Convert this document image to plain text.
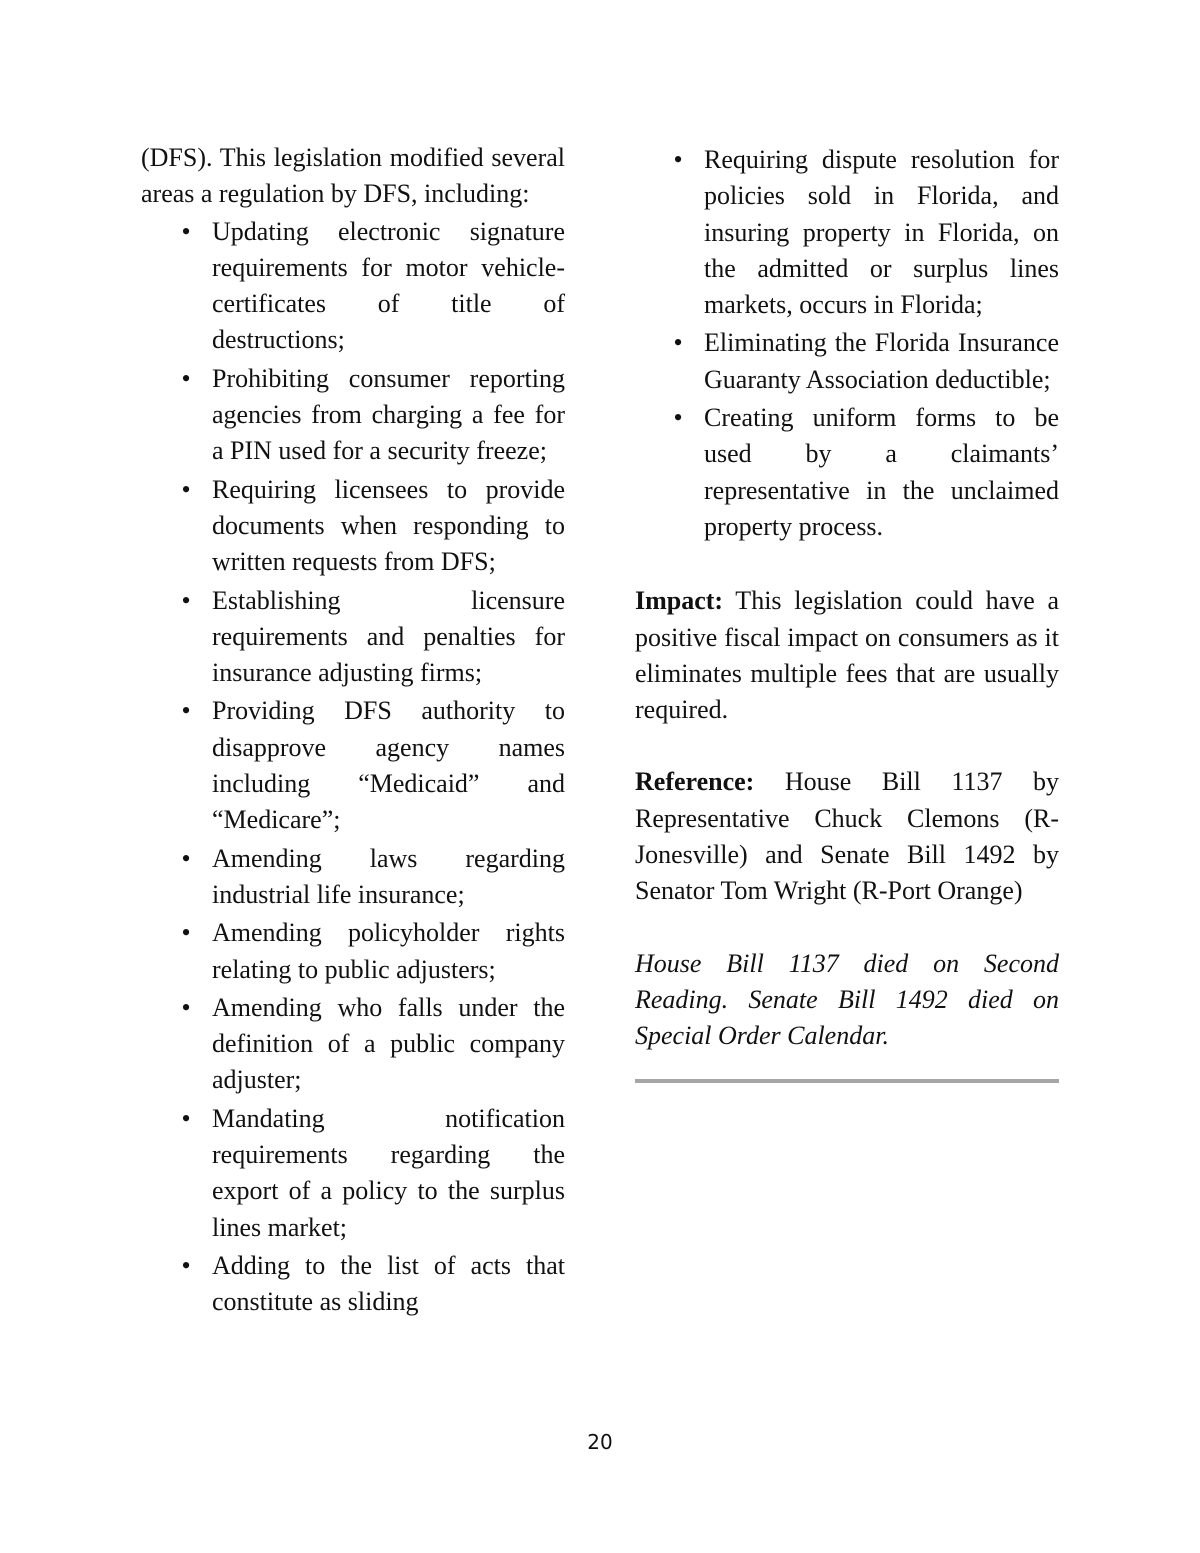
(DFS). This legislation modified several areas a regulation by DFS, including:

• Updating electronic signature requirements for motor vehicle-certificates of title of destructions;
• Prohibiting consumer reporting agencies from charging a fee for a PIN used for a security freeze;
• Requiring licensees to provide documents when responding to written requests from DFS;
• Establishing licensure requirements and penalties for insurance adjusting firms;
• Providing DFS authority to disapprove agency names including “Medicaid” and “Medicare”;
• Amending laws regarding industrial life insurance;
• Amending policyholder rights relating to public adjusters;
• Amending who falls under the definition of a public company adjuster;
• Mandating notification requirements regarding the export of a policy to the surplus lines market;
• Adding to the list of acts that constitute as sliding
• Requiring dispute resolution for policies sold in Florida, and insuring property in Florida, on the admitted or surplus lines markets, occurs in Florida;
• Eliminating the Florida Insurance Guaranty Association deductible;
• Creating uniform forms to be used by a claimants’ representative in the unclaimed property process.

Impact: This legislation could have a positive fiscal impact on consumers as it eliminates multiple fees that are usually required.

Reference: House Bill 1137 by Representative Chuck Clemons (R-Jonesville) and Senate Bill 1492 by Senator Tom Wright (R-Port Orange)

House Bill 1137 died on Second Reading. Senate Bill 1492 died on Special Order Calendar.

20
